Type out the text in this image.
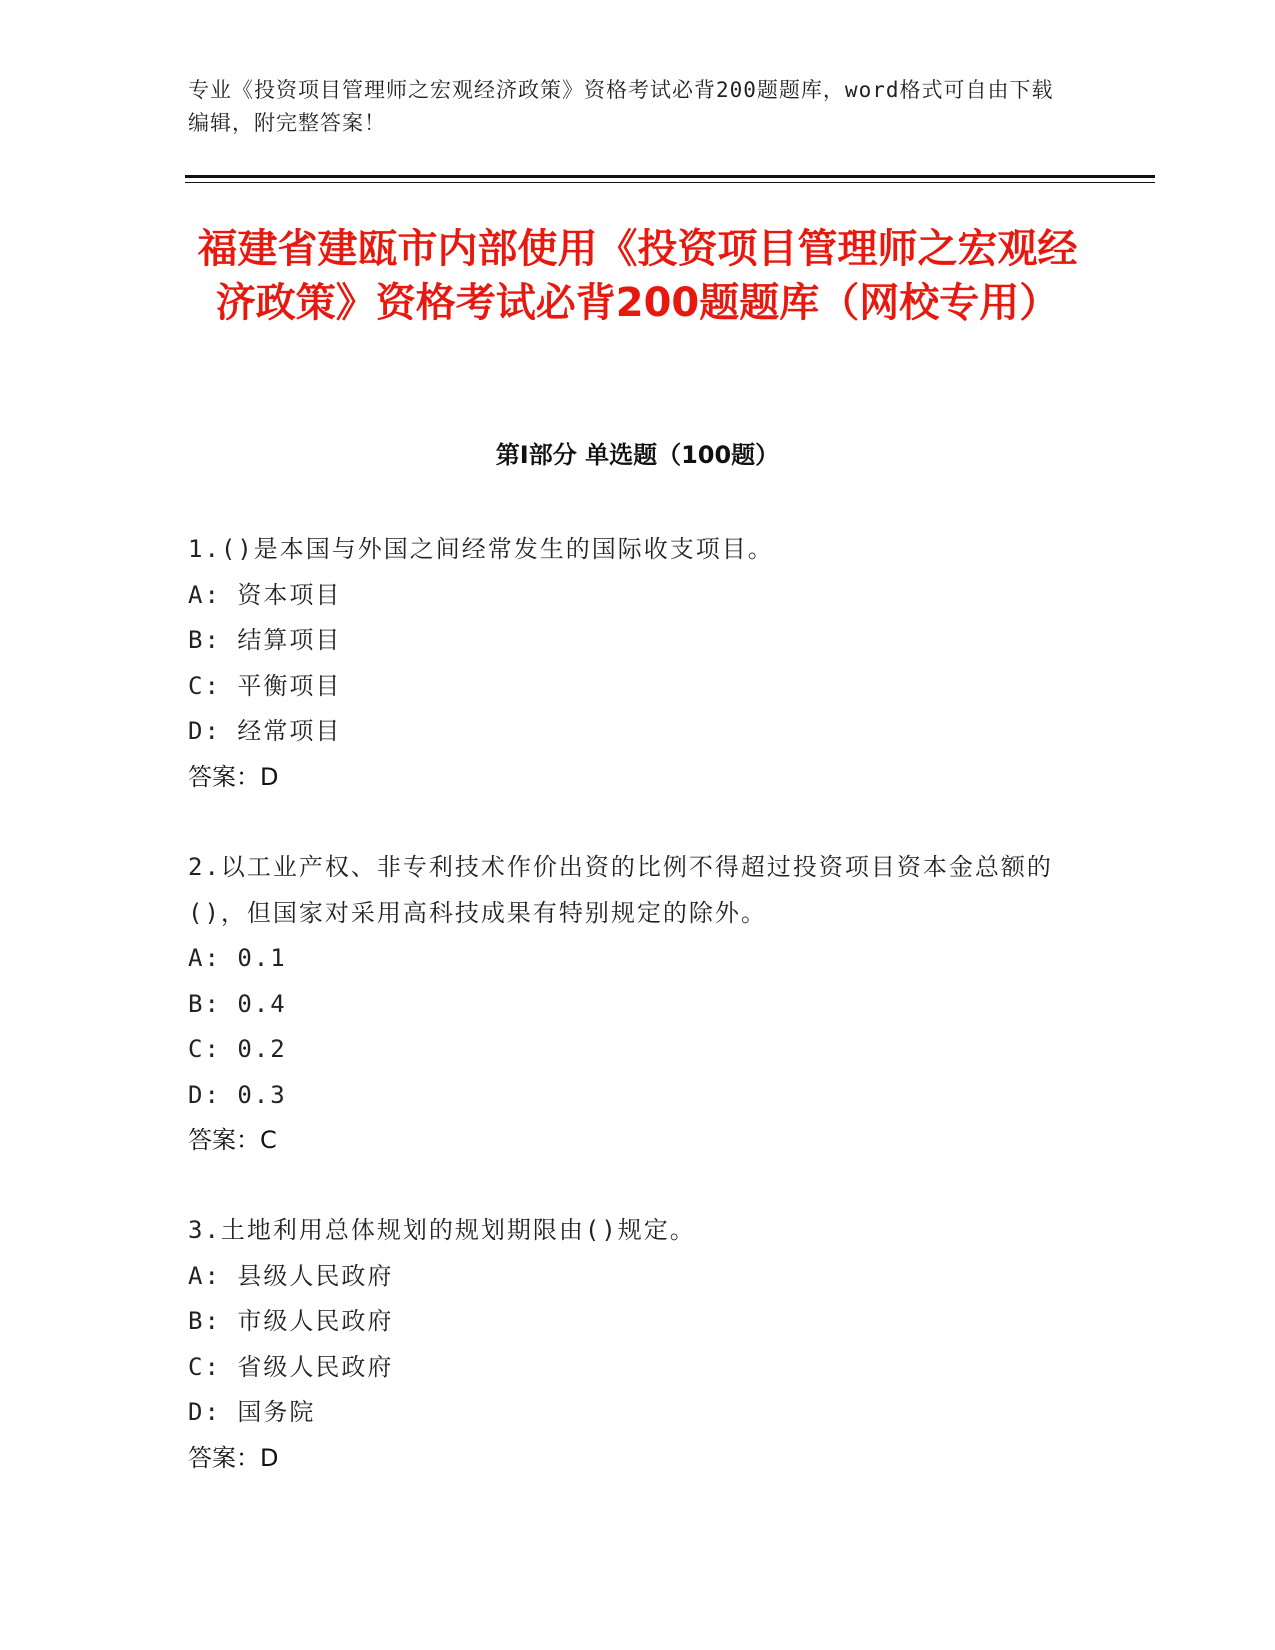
专业《投资项目管理师之宏观经济政策》资格考试必背200题题库，word格式可自由下载编辑，附完整答案！
福建省建瓯市内部使用《投资项目管理师之宏观经济政策》资格考试必背200题题库（网校专用）
第I部分 单选题（100题）
1.()是本国与外国之间经常发生的国际收支项目。
A: 资本项目
B: 结算项目
C: 平衡项目
D: 经常项目
答案：D
2.以工业产权、非专利技术作价出资的比例不得超过投资项目资本金总额的()，但国家对采用高科技成果有特别规定的除外。
A: 0.1
B: 0.4
C: 0.2
D: 0.3
答案：C
3.土地利用总体规划的规划期限由()规定。
A: 县级人民政府
B: 市级人民政府
C: 省级人民政府
D: 国务院
答案：D
